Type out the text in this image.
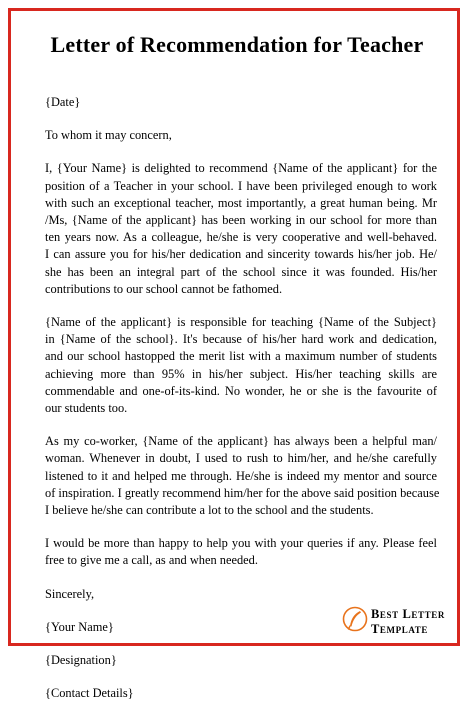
Letter of Recommendation for Teacher
{Date}
To whom it may concern,
I, {Your Name} is delighted to recommend {Name of the applicant} for the
position of a Teacher in your school. I have been privileged enough to work
with such an exceptional teacher, most importantly, a great human being. Mr
/Ms, {Name of the applicant} has been working in our school for more than
ten years now. As a colleague, he/she is very cooperative and well-behaved.
I can assure you for his/her dedication and sincerity towards his/her job. He/
she has been an integral part of the school since it was founded. His/her
contributions to our school cannot be fathomed.
{Name of the applicant} is responsible for teaching {Name of the Subject}
in {Name of the school}. It's because of his/her hard work and dedication,
and our school hastopped the merit list with a maximum number of students
achieving more than 95% in his/her subject. His/her teaching skills are
commendable and one-of-its-kind. No wonder, he or she is the favourite of
our students too.
As my co-worker, {Name of the applicant} has always been a helpful man/
woman. Whenever in doubt, I used to rush to him/her, and he/she carefully
listened to it and helped me through. He/she is indeed my mentor and source
of inspiration. I greatly recommend him/her for the above said position because
I believe he/she can contribute a lot to the school and the students.
I would be more than happy to help you with your queries if any. Please feel
free to give me a call, as and when needed.
Sincerely,
{Your Name}
{Designation}
{Contact Details}
Best Letter
Template
